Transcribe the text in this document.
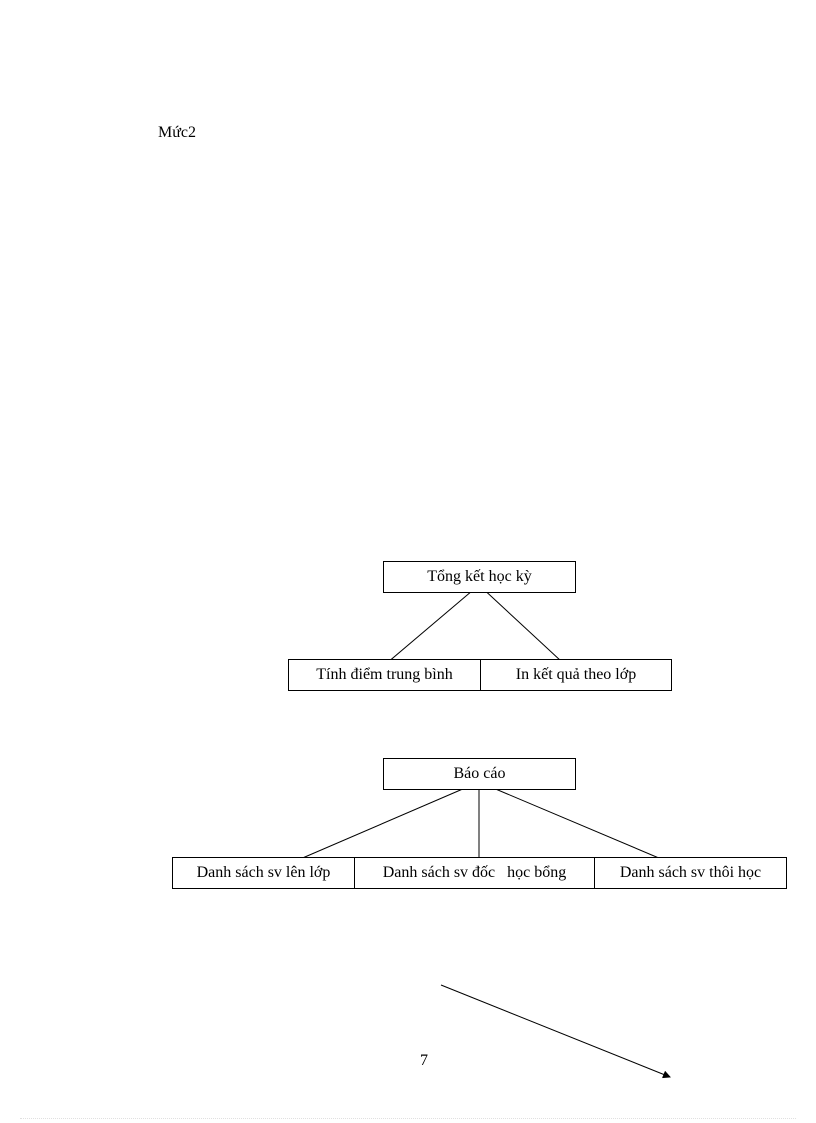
Mức2
Tổng kết học kỳ
Tính điểm trung bình	In kết quả theo lớp
Báo cáo
Danh sách sv lên lớp	Danh sách sv đốc   học bổng	Danh sách sv thôi học
7
